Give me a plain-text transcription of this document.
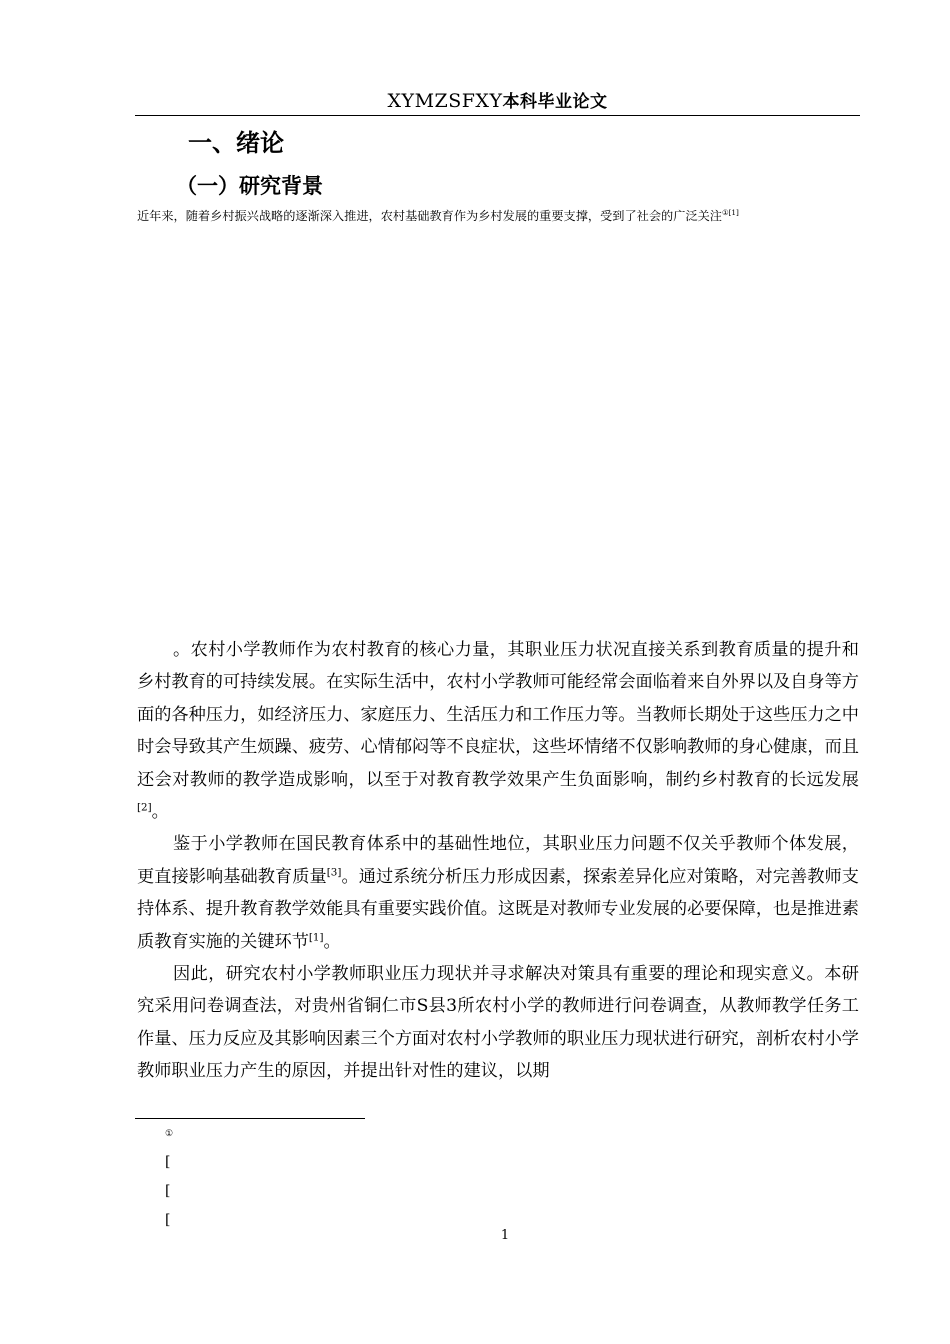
XYMZSFXY本科毕业论文
一、绪论
（一）研究背景
近年来，随着乡村振兴战略的逐渐深入推进，农村基础教育作为乡村发展的重要支撑，受到了社会的广泛关注$^{①[1]}$

。农村小学教师作为农村教育的核心力量，其职业压力状况直接关系到教育质量的提升和乡村教育的可持续发展。在实际生活中，农村小学教师可能经常会面临着来自外界以及自身等方面的各种压力，如经济压力、家庭压力、生活压力和工作压力等。当教师长期处于这些压力之中时会导致其产生烦躁、疲劳、心情郁闷等不良症状，这些坏情绪不仅影响教师的身心健康，而且还会对教师的教学造成影响，以至于对教育教学效果产生负面影响，制约乡村教育的长远发展[2]。

鉴于小学教师在国民教育体系中的基础性地位，其职业压力问题不仅关乎教师个体发展，更直接影响基础教育质量[3]。通过系统分析压力形成因素，探索差异化应对策略，对完善教师支持体系、提升教育教学效能具有重要实践价值。这既是对教师专业发展的必要保障，也是推进素质教育实施的关键环节[1]。

因此，研究农村小学教师职业压力现状并寻求解决对策具有重要的理论和现实意义。本研究采用问卷调查法，对贵州省铜仁市S县3所农村小学的教师进行问卷调查，从教师教学任务工作量、压力反应及其影响因素三个方面对农村小学教师的职业压力现状进行研究，剖析农村小学教师职业压力产生的原因，并提出针对性的建议，以期

①
[
[
[
1
